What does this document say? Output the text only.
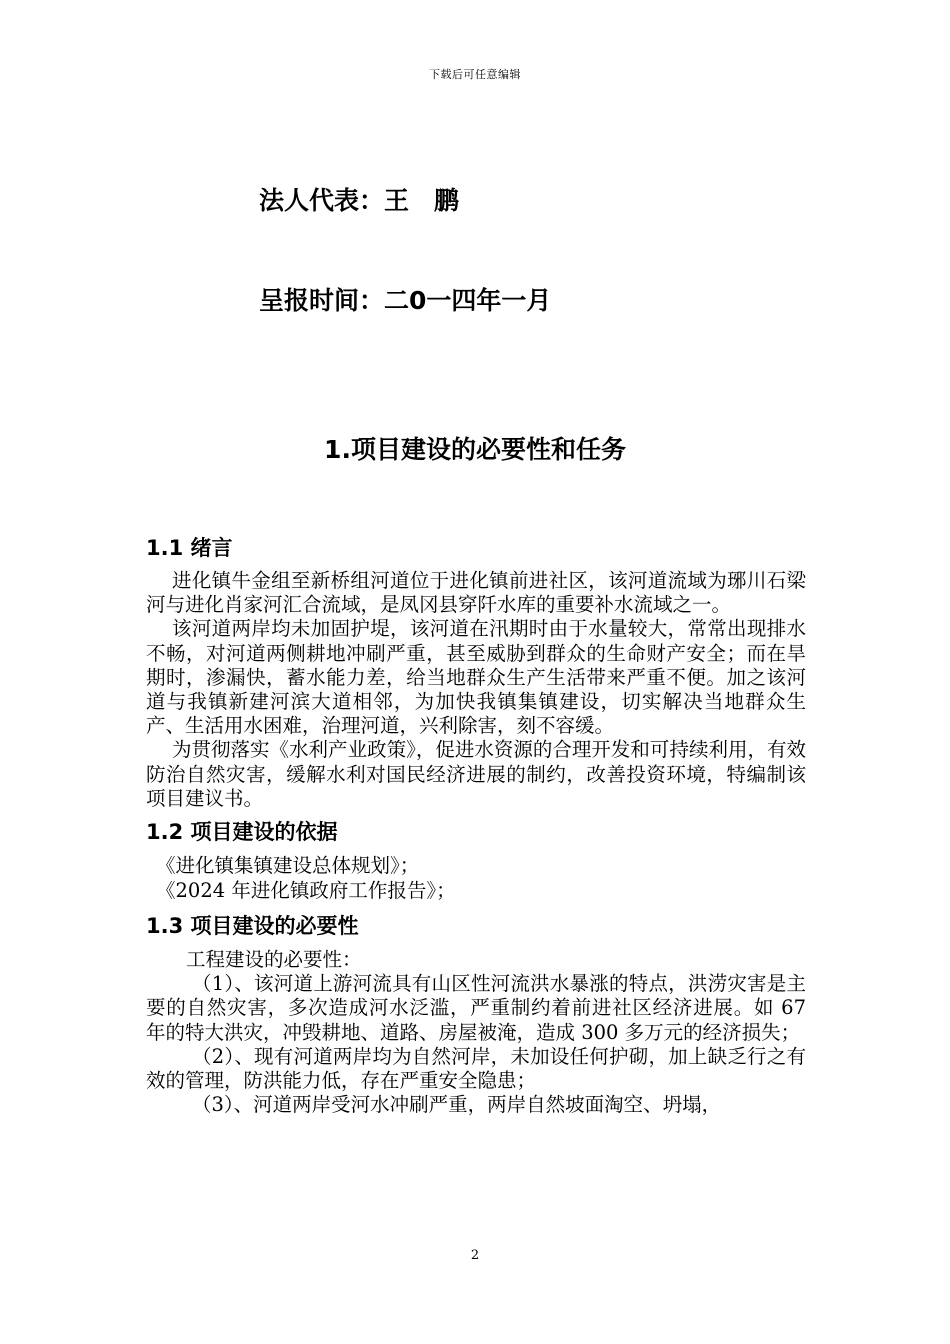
下载后可任意编辑
法人代表：王　鹏
呈报时间：二0一四年一月
1.项目建设的必要性和任务
1.1 绪言

进化镇牛金组至新桥组河道位于进化镇前进社区，该河道流域为琊川石梁河与进化肖家河汇合流域，是凤冈县穿阡水库的重要补水流域之一。

该河道两岸均未加固护堤，该河道在汛期时由于水量较大，常常出现排水不畅，对河道两侧耕地冲刷严重，甚至威胁到群众的生命财产安全；而在旱期时，渗漏快，蓄水能力差，给当地群众生产生活带来严重不便。加之该河道与我镇新建河滨大道相邻，为加快我镇集镇建设，切实解决当地群众生产、生活用水困难，治理河道，兴利除害，刻不容缓。

为贯彻落实《水利产业政策》，促进水资源的合理开发和可持续利用，有效防治自然灾害，缓解水利对国民经济进展的制约，改善投资环境，特编制该项目建议书。

1.2 项目建设的依据

《进化镇集镇建设总体规划》；

《2024 年进化镇政府工作报告》；

1.3 项目建设的必要性

工程建设的必要性：

（1）、该河道上游河流具有山区性河流洪水暴涨的特点，洪涝灾害是主要的自然灾害，多次造成河水泛滥，严重制约着前进社区经济进展。如 67 年的特大洪灾，冲毁耕地、道路、房屋被淹，造成 300 多万元的经济损失；

（2）、现有河道两岸均为自然河岸，未加设任何护砌，加上缺乏行之有效的管理，防洪能力低，存在严重安全隐患；

（3）、河道两岸受河水冲刷严重，两岸自然坡面淘空、坍塌，

2
